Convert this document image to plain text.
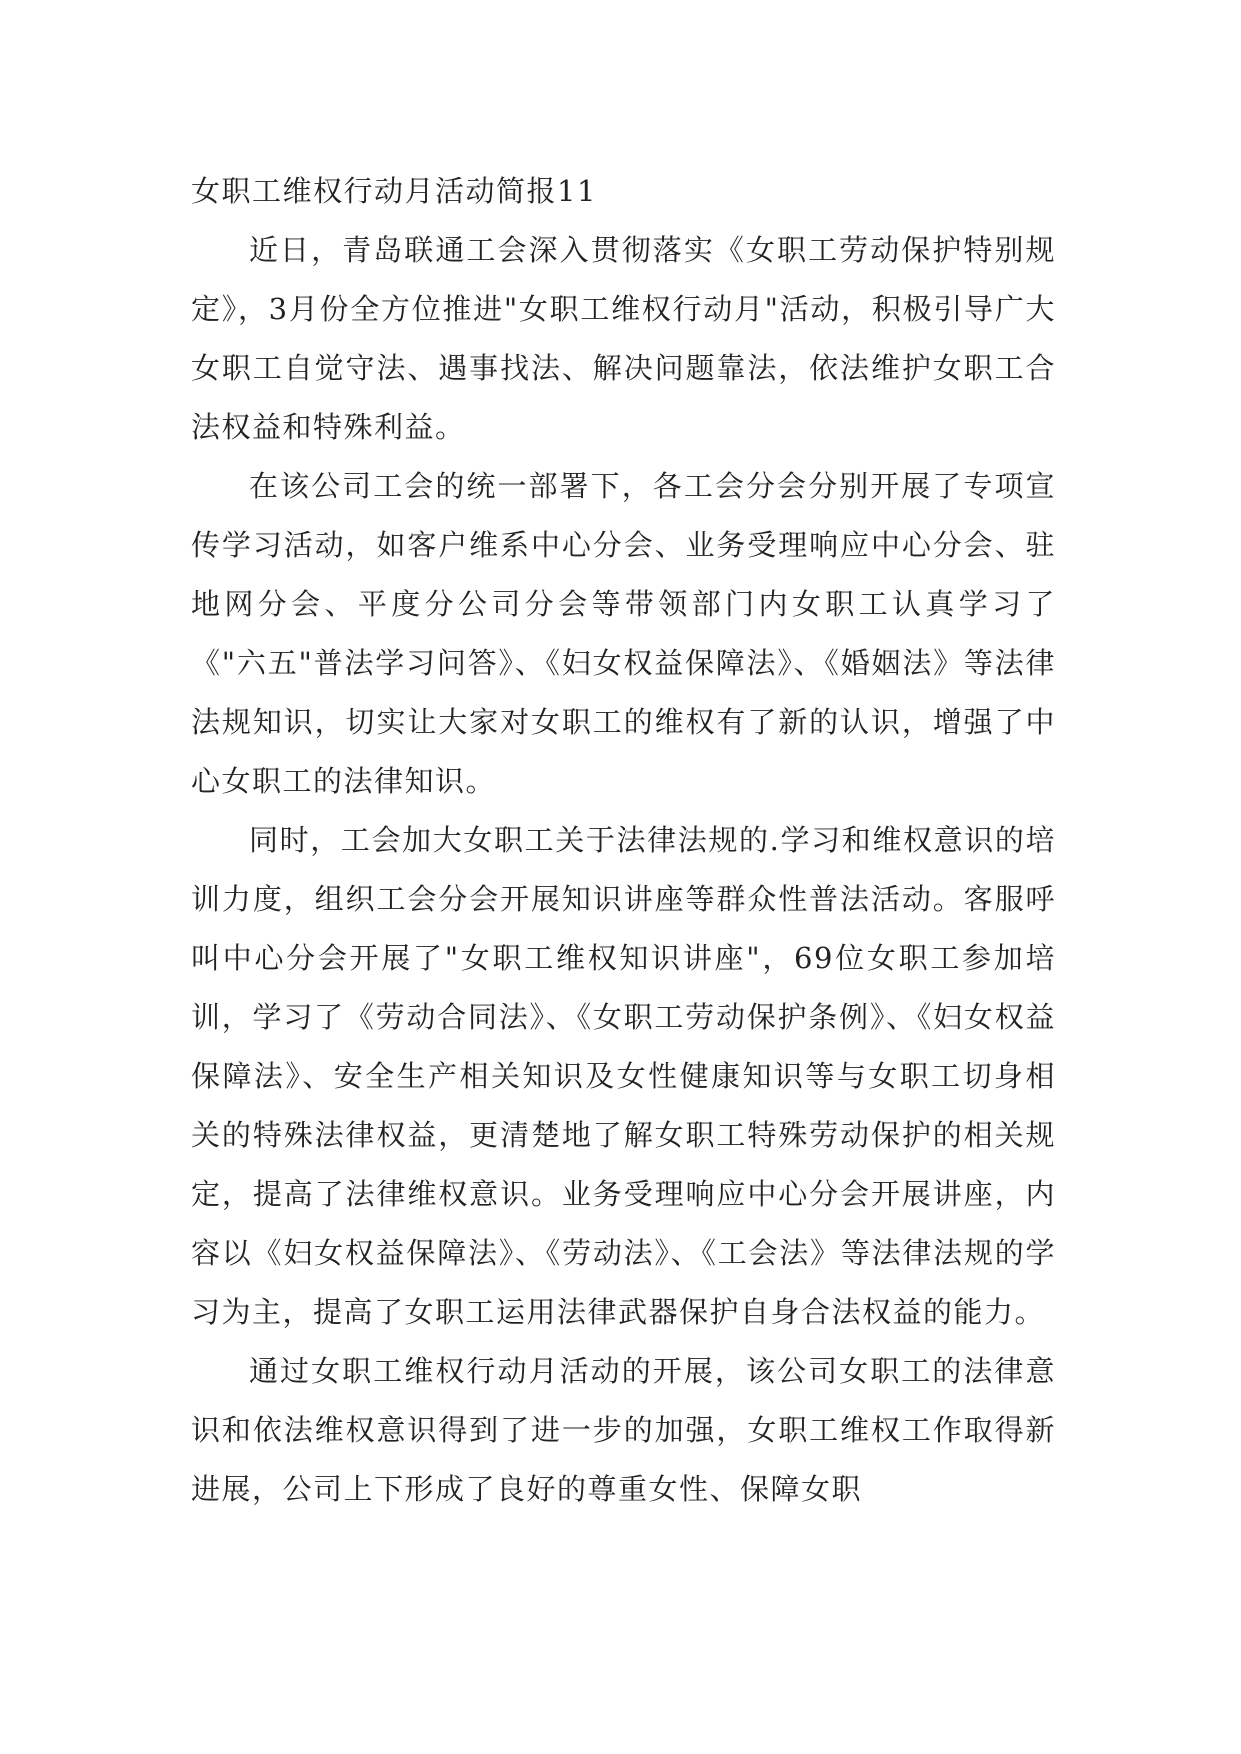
女职工维权行动月活动简报11

近日，青岛联通工会深入贯彻落实《女职工劳动保护特别规定》，3月份全方位推进"女职工维权行动月"活动，积极引导广大女职工自觉守法、遇事找法、解决问题靠法，依法维护女职工合法权益和特殊利益。

在该公司工会的统一部署下，各工会分会分别开展了专项宣传学习活动，如客户维系中心分会、业务受理响应中心分会、驻地网分会、平度分公司分会等带领部门内女职工认真学习了《"六五"普法学习问答》、《妇女权益保障法》、《婚姻法》等法律法规知识，切实让大家对女职工的维权有了新的认识，增强了中心女职工的法律知识。

同时，工会加大女职工关于法律法规的.学习和维权意识的培训力度，组织工会分会开展知识讲座等群众性普法活动。客服呼叫中心分会开展了"女职工维权知识讲座"，69位女职工参加培训，学习了《劳动合同法》、《女职工劳动保护条例》、《妇女权益保障法》、安全生产相关知识及女性健康知识等与女职工切身相关的特殊法律权益，更清楚地了解女职工特殊劳动保护的相关规定，提高了法律维权意识。业务受理响应中心分会开展讲座，内容以《妇女权益保障法》、《劳动法》、《工会法》等法律法规的学习为主，提高了女职工运用法律武器保护自身合法权益的能力。

通过女职工维权行动月活动的开展，该公司女职工的法律意识和依法维权意识得到了进一步的加强，女职工维权工作取得新进展，公司上下形成了良好的尊重女性、保障女职
